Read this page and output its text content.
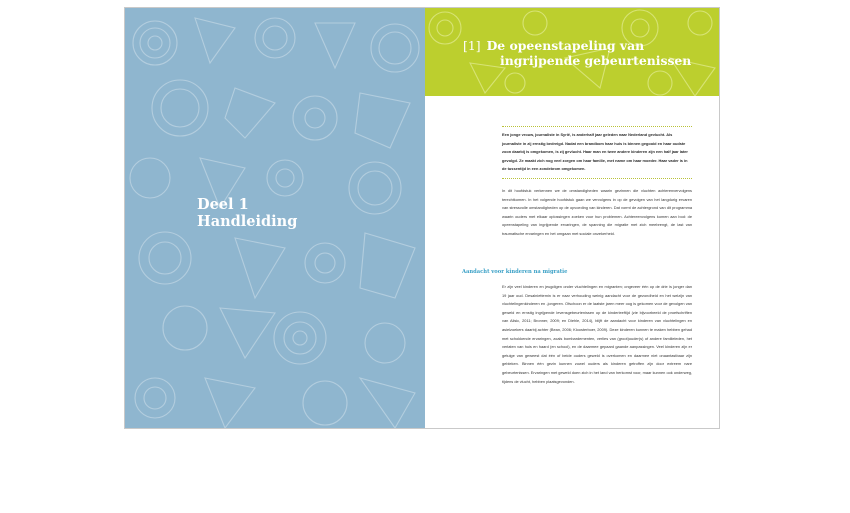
Deel 1
Handleiding
[1] De opeenstapeling van
ingrijpende gebeurtenissen
Een jonge vrouw, journaliste in Syrië, is anderhalf jaar geleden naar Nederland gevlucht. Als journaliste in zij ernstig bedreigd. Nadat een brandbom haar huis is binnen gegooid en haar oudste zoon daarbij is omgekomen, is zij gevlucht. Haar man en twee andere kinderen zijn een half jaar later gevolgd. Ze maakt zich nog veel zorgen om haar familie, met name om haar moeder. Haar vader is in de tussentijd in een zondebrom omgekomen.
In dit hoofdstuk verkennen we de omstandigheden waarin gezinnen die vluchten achterenvervolgens terechtkomen. In het volgende hoofdstuk gaan we vervolgens in op de gevolgen van het langdurig ervaren van stressvolle omstandigheden op de opvoeding van kinderen. Dat vormt de achtergrond van dit programma waarin ouders met elkaar oplossingen zoeken voor hun problemen. Achtereenvolgens komen aan bod: de opeenstapeling van ingrijpende ervaringen, de spanning die migratie met zich meebrengt, de last van traumatische ervaringen en het omgaan met sociale onzekerheid.
Aandacht voor kinderen na migratie
Er zijn veel kinderen en jeugdigen onder vluchtelingen en migranten; ongeveer één op de drie is jonger dan 19 jaar oud. Desalniettemin is er naar verhouding weinig aandacht voor de gezondheid en het welzijn van vluchtelingenkinderen en -jongeren. Ofschoon er de laatste jaren meer oog is gekomen voor de gevolgen van geweld en ernstig ingrijpende levensgebeurtenissen op de kinderleeftijd (zie bijvoorbeeld de proefschriften van Alisic, 2011; Bronner, 2009; en Diehle, 2014), blijft de aandacht voor kinderen van vluchtelingen en asielzoekers daarbij achter (Bean, 2006; Kloosterboer, 2009). Deze kinderen kunnen te maken hebben gehad met schokkende ervaringen, zoals bombardementen, verlies van (groot)ouder(s) of andere familieleden, het verlaten van huis en haard (en school), en de daarmee gepaard gaande aanpassingen. Veel kinderen zijn er getuige van geweest dat één of beide ouders geweld is overkomen en daarmee niet onaantastbaar zijn gebleken. Binnen één gezin kunnen zowel ouders als kinderen getroffen zijn door extreem nare gebeurtenissen. Ervaringen met geweld doen zich in het land van herkomst voor, maar kunnen ook onderweg, tijdens de vlucht, hebben plaatsgevonden.
